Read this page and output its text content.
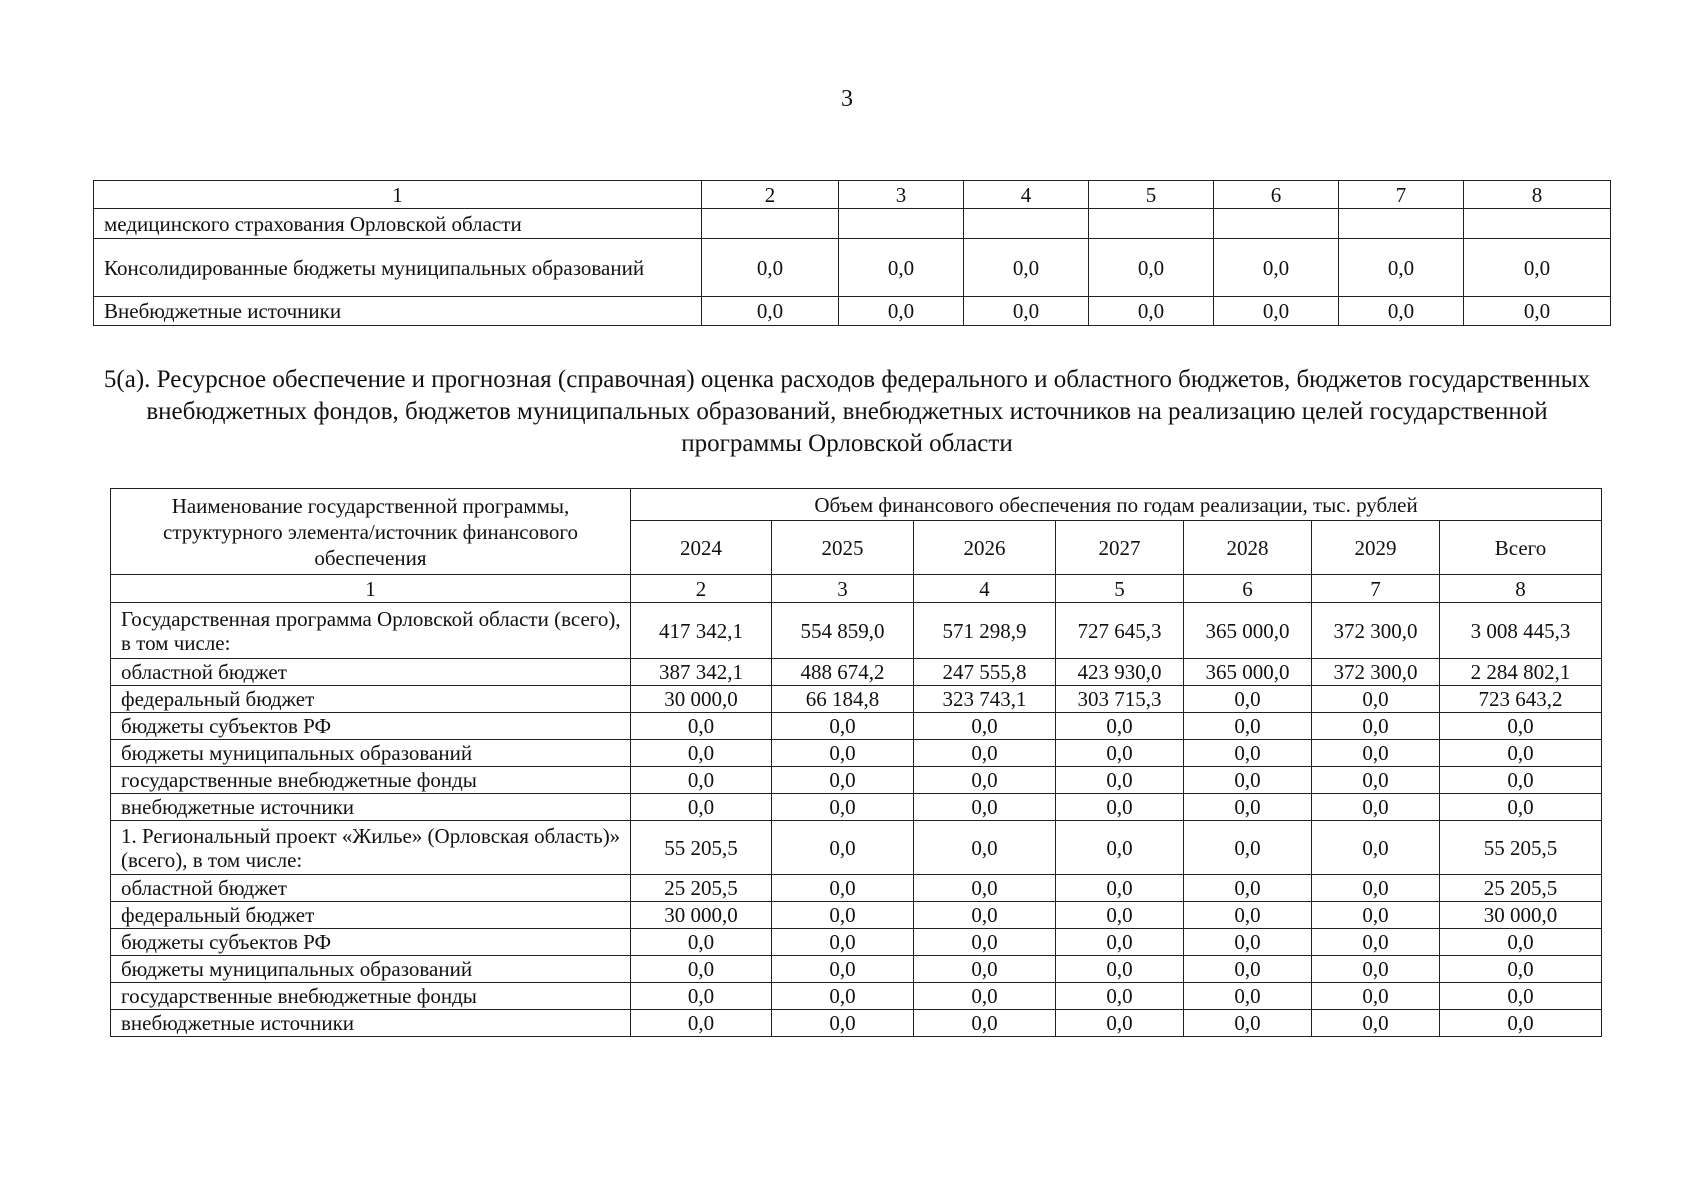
3
1	2	3	4	5	6	7	8
медицинского страхования Орловской области							
Консолидированные бюджеты муниципальных образований	0,0	0,0	0,0	0,0	0,0	0,0	0,0
Внебюджетные источники	0,0	0,0	0,0	0,0	0,0	0,0	0,0
5(а). Ресурсное обеспечение и прогнозная (справочная) оценка расходов федерального и областного бюджетов, бюджетов государственных внебюджетных фондов, бюджетов муниципальных образований, внебюджетных источников на реализацию целей государственной программы Орловской области
Наименование государственной программы, структурного элемента/источник финансового обеспечения	Объем финансового обеспечения по годам реализации, тыс. рублей						
	2024	2025	2026	2027	2028	2029	Всего
1	2	3	4	5	6	7	8
Государственная программа Орловской области (всего), в том числе:	417 342,1	554 859,0	571 298,9	727 645,3	365 000,0	372 300,0	3 008 445,3
областной бюджет	387 342,1	488 674,2	247 555,8	423 930,0	365 000,0	372 300,0	2 284 802,1
федеральный бюджет	30 000,0	66 184,8	323 743,1	303 715,3	0,0	0,0	723 643,2
бюджеты субъектов РФ	0,0	0,0	0,0	0,0	0,0	0,0	0,0
бюджеты муниципальных образований	0,0	0,0	0,0	0,0	0,0	0,0	0,0
государственные внебюджетные фонды	0,0	0,0	0,0	0,0	0,0	0,0	0,0
внебюджетные источники	0,0	0,0	0,0	0,0	0,0	0,0	0,0
1. Региональный проект «Жилье» (Орловская область)» (всего), в том числе:	55 205,5	0,0	0,0	0,0	0,0	0,0	55 205,5
областной бюджет	25 205,5	0,0	0,0	0,0	0,0	0,0	25 205,5
федеральный бюджет	30 000,0	0,0	0,0	0,0	0,0	0,0	30 000,0
бюджеты субъектов РФ	0,0	0,0	0,0	0,0	0,0	0,0	0,0
бюджеты муниципальных образований	0,0	0,0	0,0	0,0	0,0	0,0	0,0
государственные внебюджетные фонды	0,0	0,0	0,0	0,0	0,0	0,0	0,0
внебюджетные источники	0,0	0,0	0,0	0,0	0,0	0,0	0,0
